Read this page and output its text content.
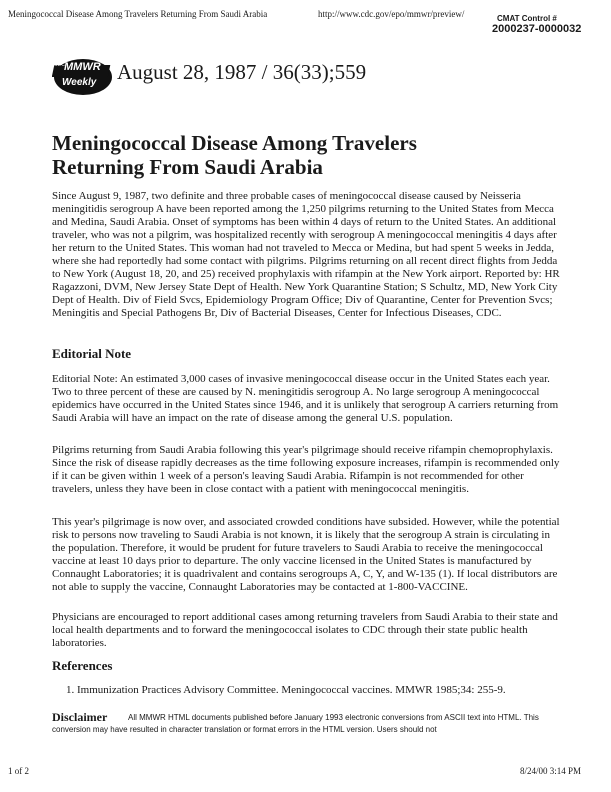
Meningococcal Disease Among Travelers Returning From Saudi Arabia	http://www.cdc.gov/epo/mmwr/preview/	CMAT Control #
2000237-0000032
CDC MMWR
Weekly August 28, 1987 / 36(33);559
Meningococcal Disease Among Travelers
Returning From Saudi Arabia

Since August 9, 1987, two definite and three probable cases of meningococcal disease caused by Neisseria meningitidis serogroup A have been reported among the 1,250 pilgrims returning to the United States from Mecca and Medina, Saudi Arabia. Onset of symptoms has been within 4 days of return to the United States. An additional traveler, who was not a pilgrim, was hospitalized recently with serogroup A meningococcal meningitis 4 days after her return to the United States. This woman had not traveled to Mecca or Medina, but had spent 5 weeks in Jedda, where she had reportedly had some contact with pilgrims. Pilgrims returning on all recent direct flights from Jedda to New York (August 18, 20, and 25) received prophylaxis with rifampin at the New York airport. Reported by: HR Ragazzoni, DVM, New Jersey State Dept of Health. New York Quarantine Station; S Schultz, MD, New York City Dept of Health. Div of Field Svcs, Epidemiology Program Office; Div of Quarantine, Center for Prevention Svcs; Meningitis and Special Pathogens Br, Div of Bacterial Diseases, Center for Infectious Diseases, CDC.

Editorial Note

Editorial Note: An estimated 3,000 cases of invasive meningococcal disease occur in the United States each year. Two to three percent of these are caused by N. meningitidis serogroup A. No large serogroup A meningococcal epidemics have occurred in the United States since 1946, and it is unlikely that serogroup A carriers returning from Saudi Arabia will have an impact on the rate of disease among the general U.S. population.

Pilgrims returning from Saudi Arabia following this year's pilgrimage should receive rifampin chemoprophylaxis. Since the risk of disease rapidly decreases as the time following exposure increases, rifampin is recommended only if it can be given within 1 week of a person's leaving Saudi Arabia. Rifampin is not recommended for other travelers, unless they have been in close contact with a patient with meningococcal meningitis.

This year's pilgrimage is now over, and associated crowded conditions have subsided. However, while the potential risk to persons now traveling to Saudi Arabia is not known, it is likely that the serogroup A strain is circulating in the population. Therefore, it would be prudent for future travelers to Saudi Arabia to receive the meningococcal vaccine at least 10 days prior to departure. The only vaccine licensed in the United States is manufactured by Connaught Laboratories; it is quadrivalent and contains serogroups A, C, Y, and W-135 (1). If local distributors are not able to supply the vaccine, Connaught Laboratories may be contacted at 1-800-VACCINE.

Physicians are encouraged to report additional cases among returning travelers from Saudi Arabia to their state and local health departments and to forward the meningococcal isolates to CDC through their state public health laboratories.

References
1. Immunization Practices Advisory Committee. Meningococcal vaccines. MMWR 1985;34: 255-9.
Disclaimer	All MMWR HTML documents published before January 1993 electronic conversions from ASCII text into HTML. This conversion may have resulted in character translation or format errors in the HTML version. Users should not
1 of 2	8/24/00 3:14 PM
